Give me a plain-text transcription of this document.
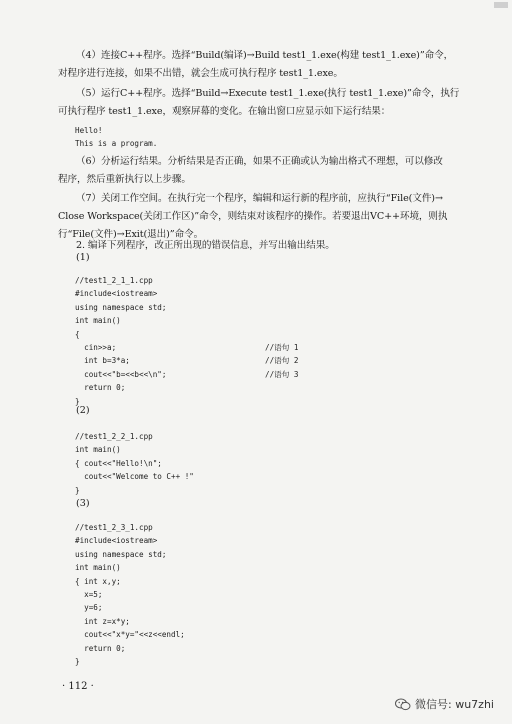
（4）连接C++程序。选择“Build(编译)→Build test1_1.exe(构建 test1_1.exe)”命令，
对程序进行连接，如果不出错，就会生成可执行程序 test1_1.exe。
（5）运行C++程序。选择“Build→Execute test1_1.exe(执行 test1_1.exe)”命令，执行
可执行程序 test1_1.exe，观察屏幕的变化。在输出窗口应显示如下运行结果：
Hello!
This is a program.
（6）分析运行结果。分析结果是否正确，如果不正确或认为输出格式不理想，可以修改
程序，然后重新执行以上步骤。
（7）关闭工作空间。在执行完一个程序，编辑和运行新的程序前，应执行“File(文件)→
Close Workspace(关闭工作区)”命令，则结束对该程序的操作。若要退出VC++环境，则执
行“File(文件)→Exit(退出)”命令。
2. 编译下列程序，改正所出现的错误信息，并写出输出结果。
(1)
//test1_2_1_1.cpp
#include<iostream>
using namespace std;
int main()
{
cin>>a;	//语句 1
int b=3*a;	//语句 2
cout<<"b=<<b<<\n";	//语句 3
return 0;
}
(2)
//test1_2_2_1.cpp
int main()
{ cout<<"Hello!\n";
cout<<"Welcome to C++ !"
}
(3)
//test1_2_3_1.cpp
#include<iostream>
using namespace std;
int main()
{ int x,y;
x=5;
y=6;
int z=x*y;
cout<<"x*y="<<z<<endl;
return 0;
}
· 112 ·
微信号: wu7zhi
